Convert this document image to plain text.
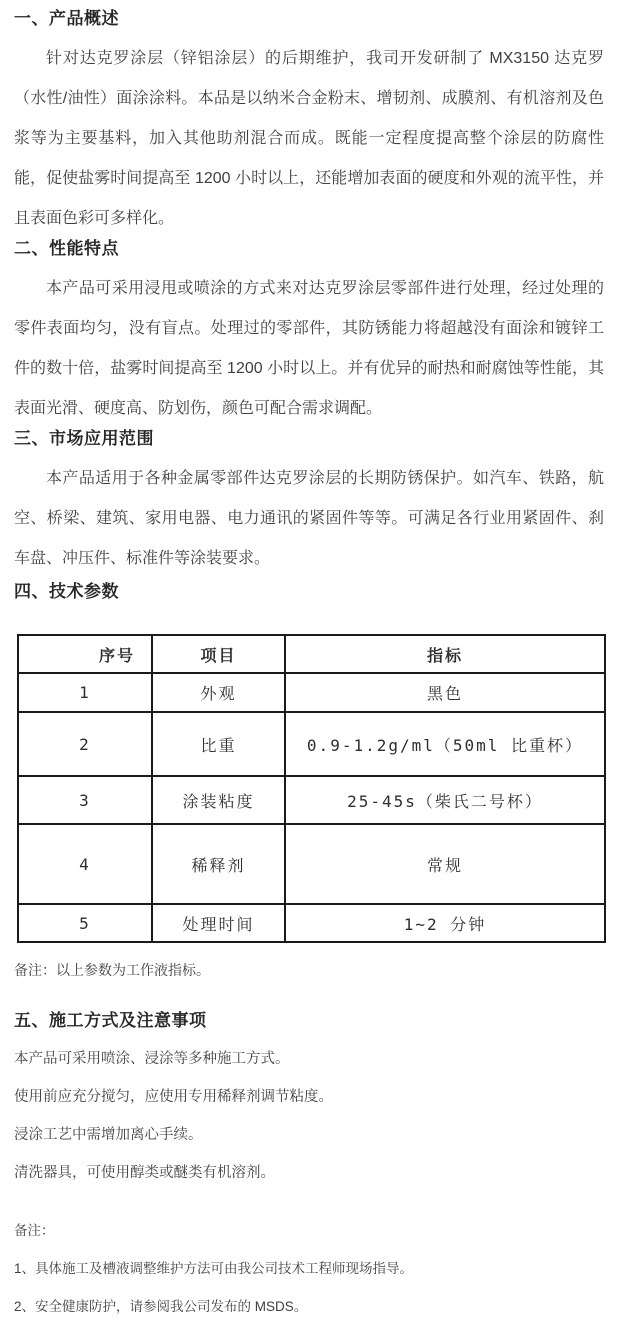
一、产品概述

针对达克罗涂层（锌铝涂层）的后期维护，我司开发研制了 MX3150 达克罗（水性/油性）面涂涂料。本品是以纳米合金粉末、增韧剂、成膜剂、有机溶剂及色浆等为主要基料，加入其他助剂混合而成。既能一定程度提高整个涂层的防腐性能，促使盐雾时间提高至 1200 小时以上，还能增加表面的硬度和外观的流平性，并且表面色彩可多样化。

二、性能特点

本产品可采用浸甩或喷涂的方式来对达克罗涂层零部件进行处理，经过处理的零件表面均匀，没有盲点。处理过的零部件，其防锈能力将超越没有面涂和镀锌工件的数十倍，盐雾时间提高至 1200 小时以上。并有优异的耐热和耐腐蚀等性能，其表面光滑、硬度高、防划伤，颜色可配合需求调配。

三、市场应用范围

本产品适用于各种金属零部件达克罗涂层的长期防锈保护。如汽车、铁路，航空、桥梁、建筑、家用电器、电力通讯的紧固件等等。可满足各行业用紧固件、刹车盘、冲压件、标准件等涂装要求。

四、技术参数
序号	项目	指标
1	外观	黑色
2	比重	0.9-1.2g/ml（50ml 比重杯）
3	涂装粘度	25-45s（柴氏二号杯）
4	稀释剂	常规
5	处理时间	1~2 分钟

备注：以上参数为工作液指标。

五、施工方式及注意事项

本产品可采用喷涂、浸涂等多种施工方式。

使用前应充分搅匀，应使用专用稀释剂调节粘度。

浸涂工艺中需增加离心手续。

清洗器具，可使用醇类或醚类有机溶剂。

备注：

1、具体施工及槽液调整维护方法可由我公司技术工程师现场指导。

2、安全健康防护，请参阅我公司发布的 MSDS。
